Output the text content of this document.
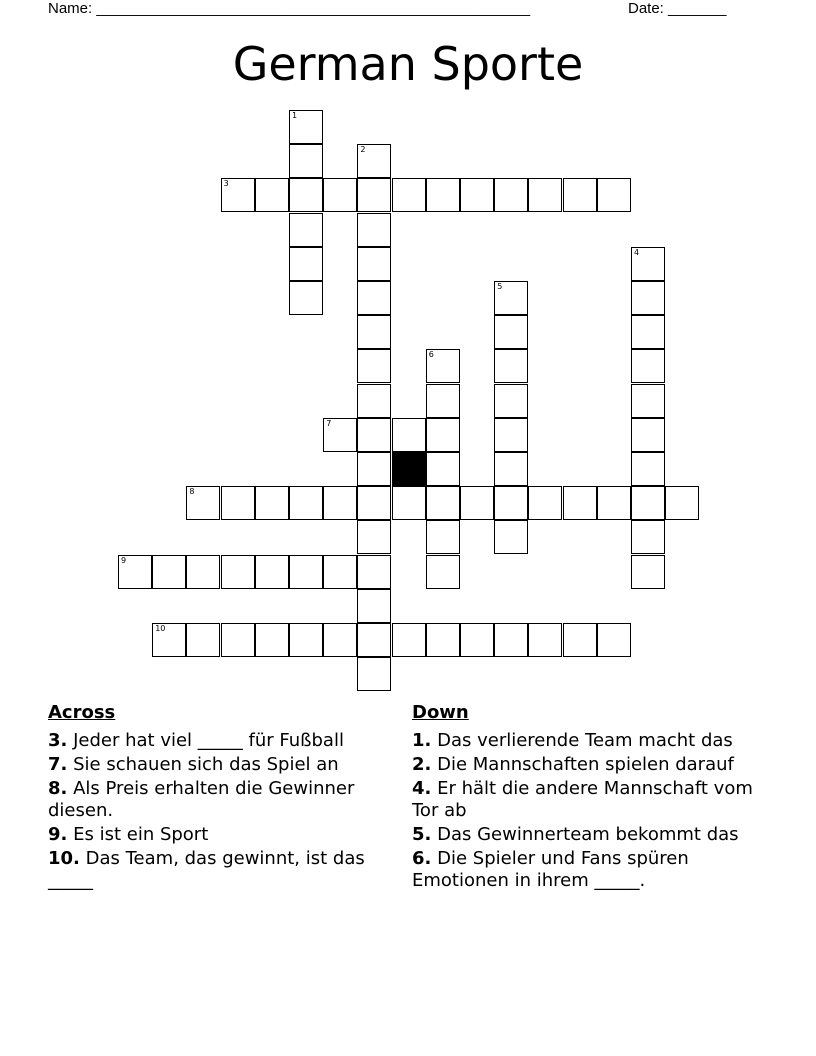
Name: ____________________________________________________	Date: _______
German Sporte
1
2
3
4
5
6
7
8
9
10
Across
3. Jeder hat viel _____ für Fußball
7. Sie schauen sich das Spiel an
8. Als Preis erhalten die Gewinner diesen.
9. Es ist ein Sport
10. Das Team, das gewinnt, ist das _____
Down
1. Das verlierende Team macht das
2. Die Mannschaften spielen darauf
4. Er hält die andere Mannschaft vom Tor ab
5. Das Gewinnerteam bekommt das
6. Die Spieler und Fans spüren Emotionen in ihrem _____.
